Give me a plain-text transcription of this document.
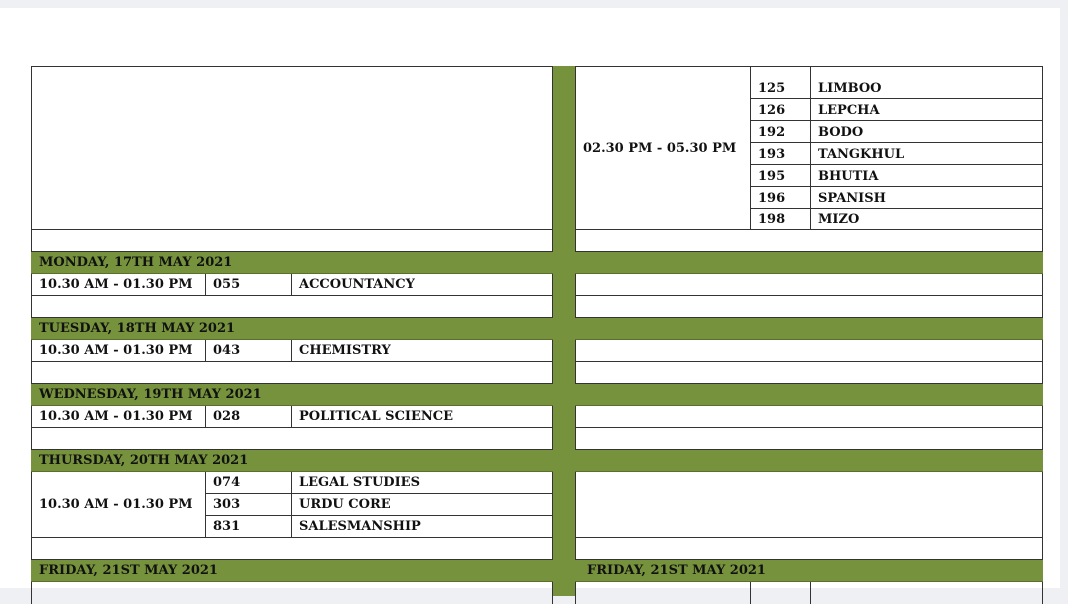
MONDAY, 17TH MAY 2021
10.30 AM - 01.30 PM	055	ACCOUNTANCY
TUESDAY, 18TH MAY 2021
10.30 AM - 01.30 PM	043	CHEMISTRY
WEDNESDAY, 19TH MAY 2021
10.30 AM - 01.30 PM	028	POLITICAL SCIENCE
THURSDAY, 20TH MAY 2021
10.30 AM - 01.30 PM
074	LEGAL STUDIES
303	URDU CORE
831	SALESMANSHIP
FRIDAY, 21ST MAY 2021
02.30 PM - 05.30 PM
125	LIMBOO
126	LEPCHA
192	BODO
193	TANGKHUL
195	BHUTIA
196	SPANISH
198	MIZO
FRIDAY, 21ST MAY 2021
